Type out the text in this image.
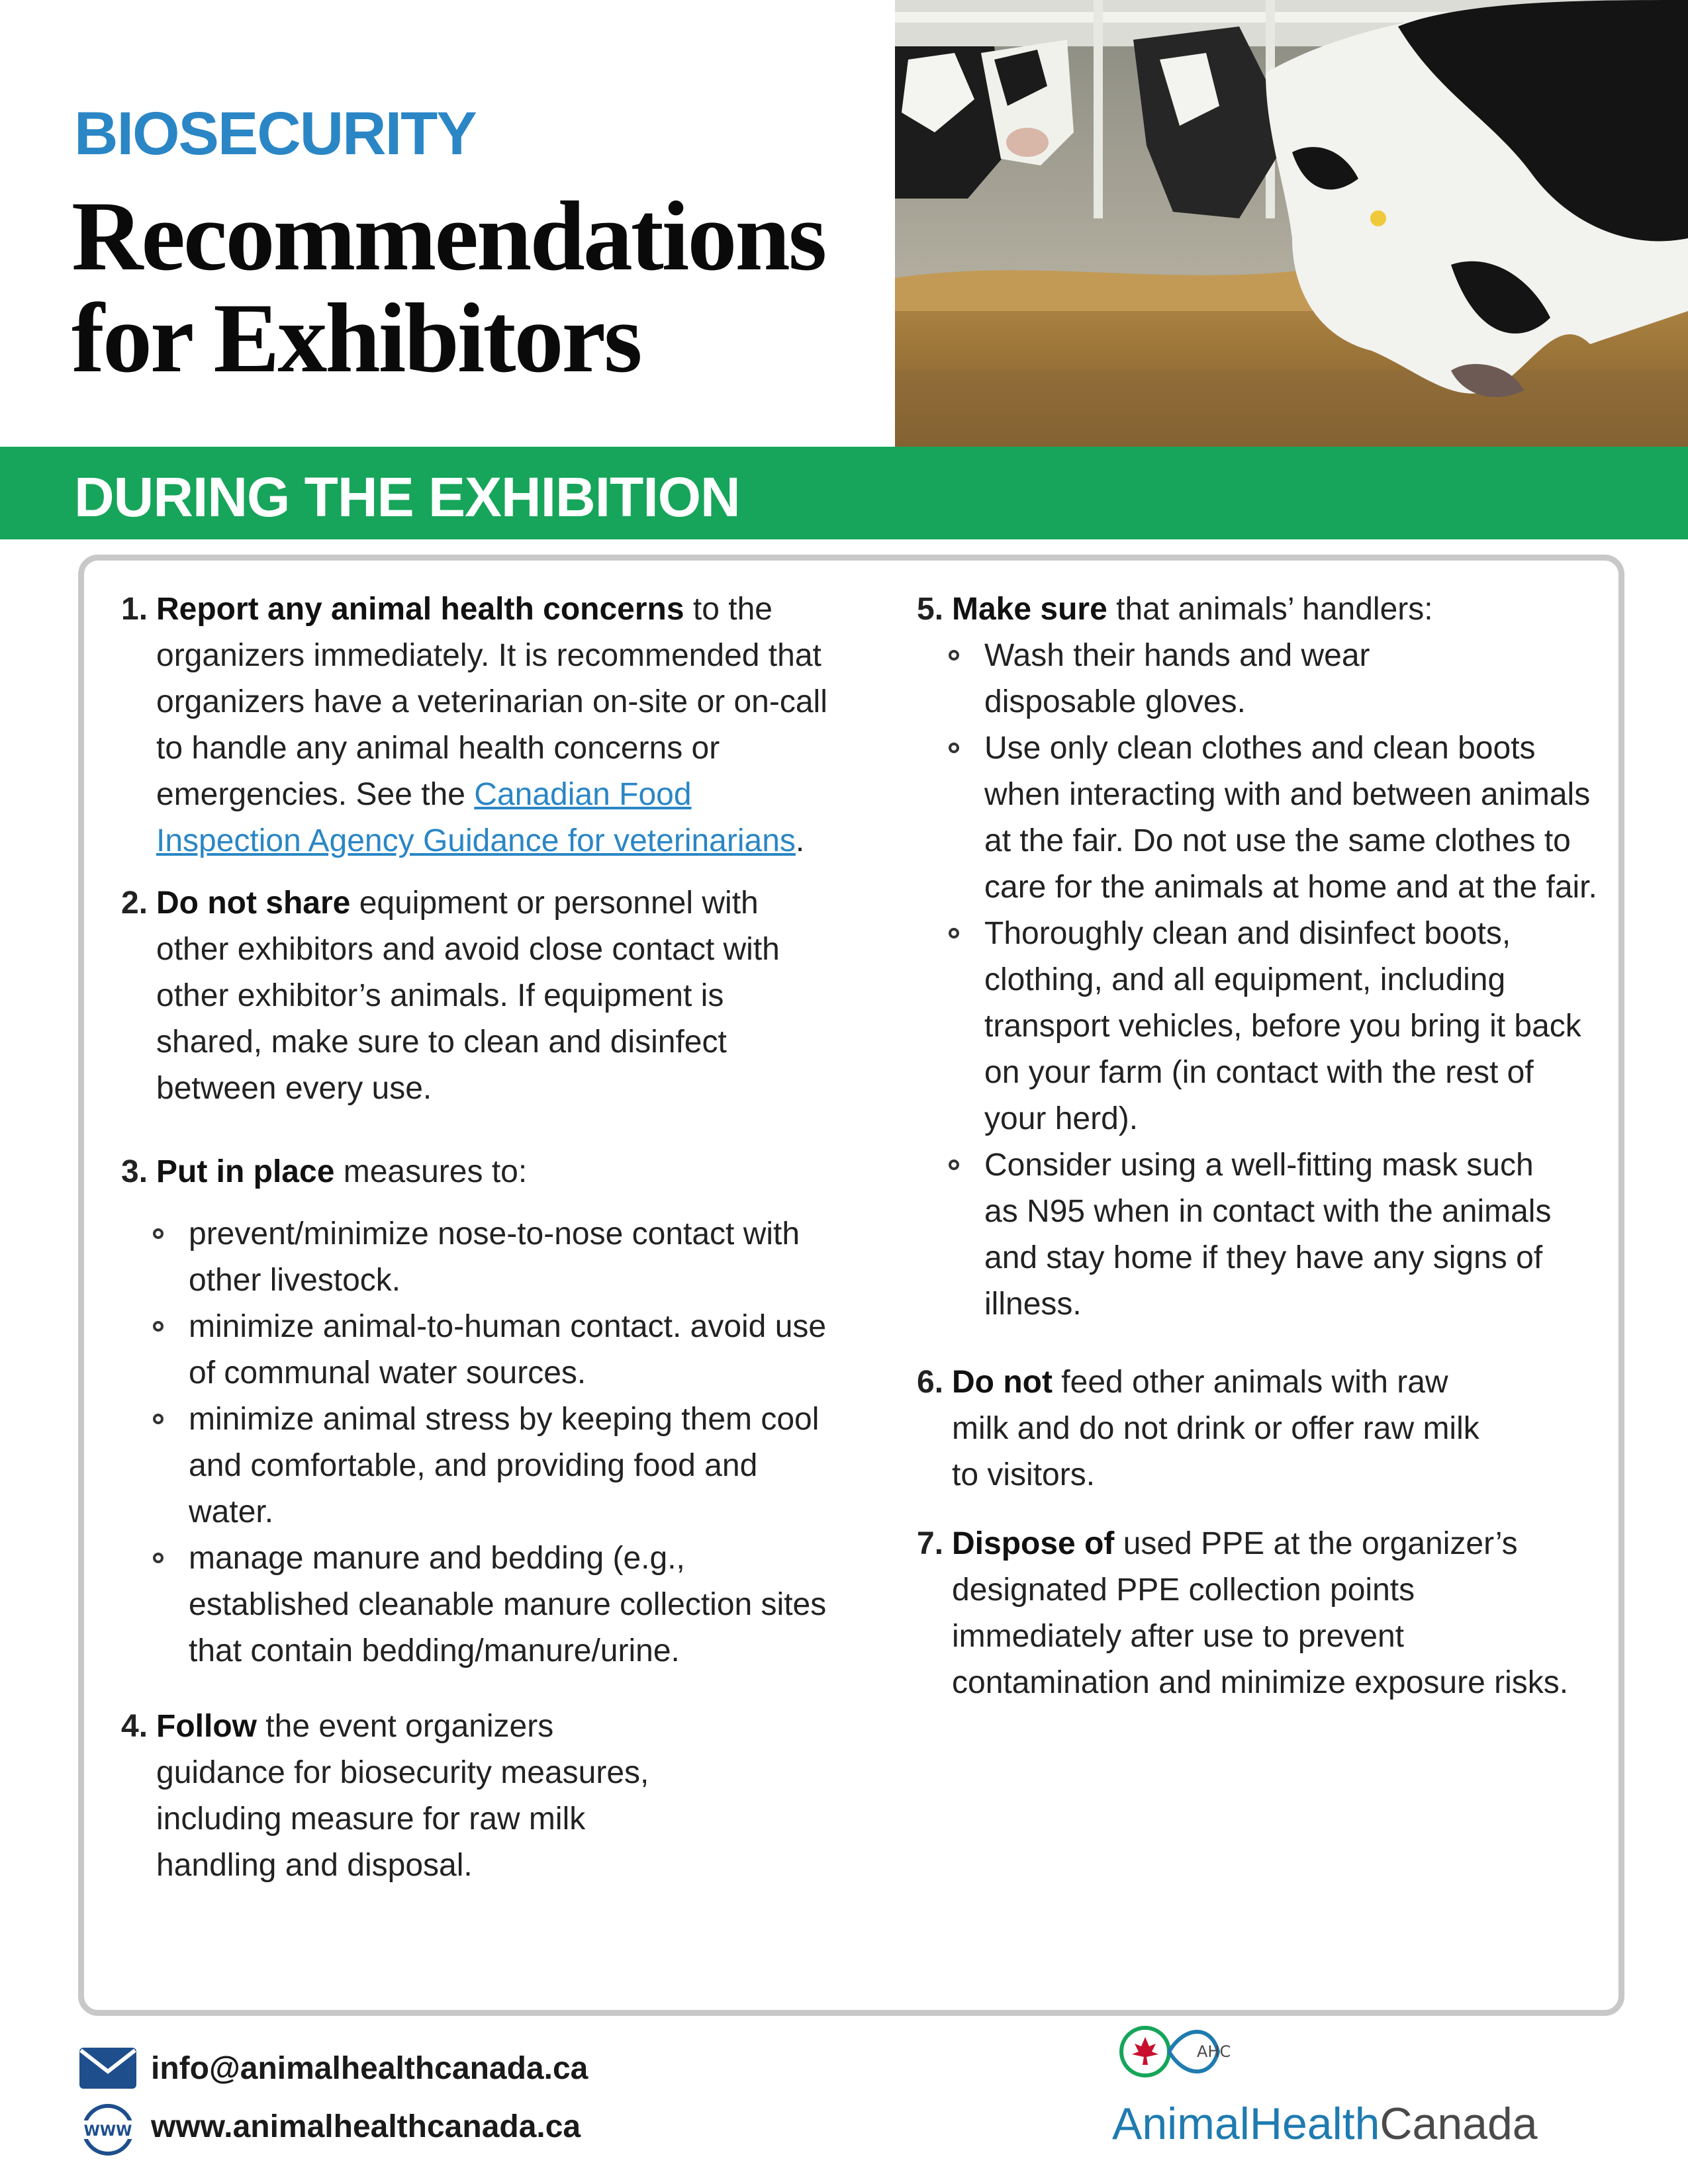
BIOSECURITY
Recommendations
for Exhibitors
DURING THE EXHIBITION
1. Report any animal health concerns to the organizers immediately. It is recommended that organizers have a veterinarian on-site or on-call to handle any animal health concerns or emergencies. See the Canadian Food Inspection Agency Guidance for veterinarians.
2. Do not share equipment or personnel with other exhibitors and avoid close contact with other exhibitor’s animals. If equipment is shared, make sure to clean and disinfect between every use.
3. Put in place measures to:
prevent/minimize nose-to-nose contact with other livestock.
minimize animal-to-human contact. avoid use of communal water sources.
minimize animal stress by keeping them cool and comfortable, and providing food and water.
manage manure and bedding (e.g., established cleanable manure collection sites that contain bedding/manure/urine.
4. Follow the event organizers guidance for biosecurity measures, including measure for raw milk handling and disposal.
5. Make sure that animals’ handlers:
Wash their hands and wear disposable gloves.
Use only clean clothes and clean boots when interacting with and between animals at the fair. Do not use the same clothes to care for the animals at home and at the fair.
Thoroughly clean and disinfect boots, clothing, and all equipment, including transport vehicles, before you bring it back on your farm (in contact with the rest of your herd).
Consider using a well-fitting mask such as N95 when in contact with the animals and stay home if they have any signs of illness.
6. Do not feed other animals with raw milk and do not drink or offer raw milk to visitors.
7. Dispose of used PPE at the organizer’s designated PPE collection points immediately after use to prevent contamination and minimize exposure risks.
info@animalhealthcanada.ca
WWW www.animalhealthcanada.ca
AHC
AnimalHealthCanada
